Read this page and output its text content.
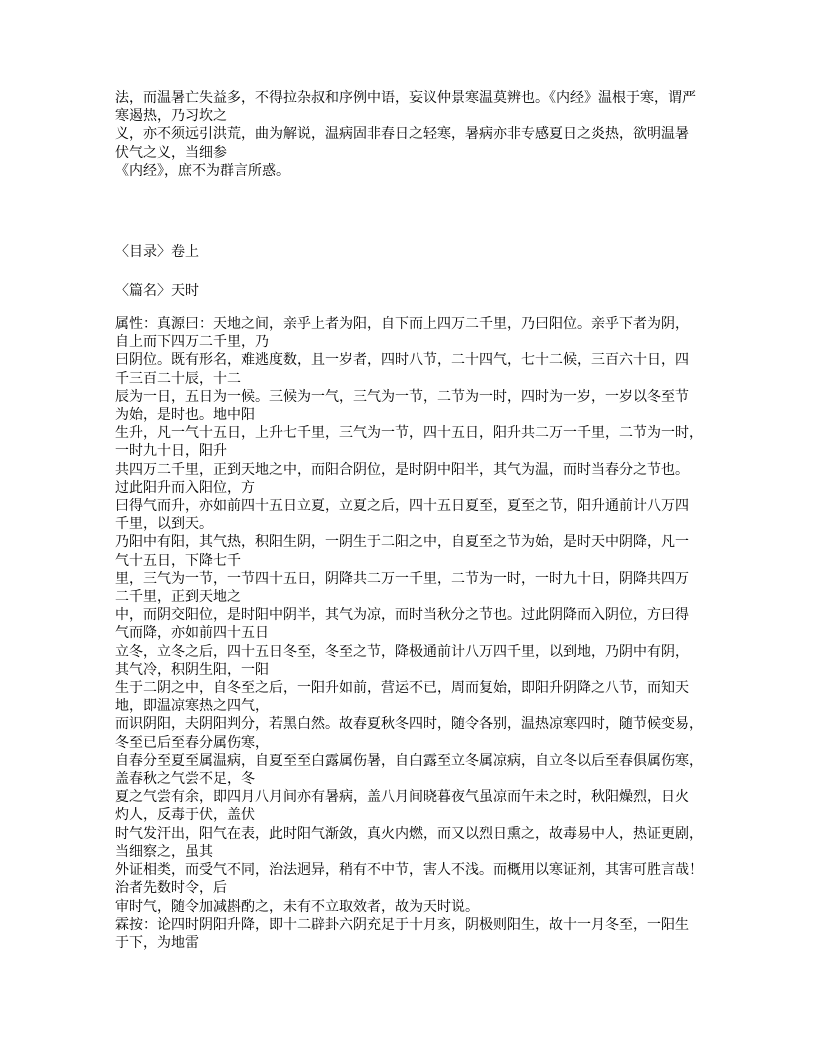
法，而温暑亡失益多，不得拉杂叔和序例中语，妄议仲景寒温莫辨也。《内经》温根于寒，谓严
寒遏热，乃习坎之
义，亦不须远引洪荒，曲为解说，温病固非春日之轻寒，暑病亦非专感夏日之炎热，欲明温暑
伏气之义，当细参
《内经》，庶不为群言所惑。
〈目录〉卷上
〈篇名〉天时
属性：真源曰：天地之间，亲乎上者为阳，自下而上四万二千里，乃曰阳位。亲乎下者为阴，
自上而下四万二千里，乃
曰阴位。既有形名，难逃度数，且一岁者，四时八节，二十四气，七十二候，三百六十日，四
千三百二十辰，十二
辰为一日，五日为一候。三候为一气，三气为一节，二节为一时，四时为一岁，一岁以冬至节
为始，是时也。地中阳
生升，凡一气十五日，上升七千里，三气为一节，四十五日，阳升共二万一千里，二节为一时，
一时九十日，阳升
共四万二千里，正到天地之中，而阳合阴位，是时阴中阳半，其气为温，而时当春分之节也。
过此阳升而入阳位，方
曰得气而升，亦如前四十五日立夏，立夏之后，四十五日夏至，夏至之节，阳升通前计八万四
千里，以到天。
乃阳中有阳，其气热，积阳生阴，一阴生于二阳之中，自夏至之节为始，是时天中阴降，凡一
气十五日，下降七千
里，三气为一节，一节四十五日，阴降共二万一千里，二节为一时，一时九十日，阴降共四万
二千里，正到天地之
中，而阴交阳位，是时阳中阴半，其气为凉，而时当秋分之节也。过此阴降而入阴位，方曰得
气而降，亦如前四十五日
立冬，立冬之后，四十五日冬至，冬至之节，降极通前计八万四千里，以到地，乃阴中有阴，
其气冷，积阴生阳，一阳
生于二阴之中，自冬至之后，一阳升如前，营运不已，周而复始，即阳升阴降之八节，而知天
地，即温凉寒热之四气，
而识阴阳，夫阴阳判分，若黑白然。故春夏秋冬四时，随令各别，温热凉寒四时，随节候变易，
冬至已后至春分属伤寒，
自春分至夏至属温病，自夏至至白露属伤暑，自白露至立冬属凉病，自立冬以后至春俱属伤寒，
盖春秋之气尝不足，冬
夏之气尝有余，即四月八月间亦有暑病，盖八月间晓暮夜气虽凉而午未之时，秋阳燥烈，日火
灼人，反毒于伏，盖伏
时气发汗出，阳气在表，此时阳气渐敛，真火内燃，而又以烈日熏之，故毒易中人，热证更剧，
当细察之，虽其
外证相类，而受气不同，治法迥异，稍有不中节，害人不浅。而概用以寒证剂，其害可胜言哉！
治者先数时令，后
审时气，随令加减斟酌之，未有不立取效者，故为天时说。
霖按：论四时阴阳升降，即十二辟卦六阴充足于十月亥，阴极则阳生，故十一月冬至，一阳生
于下，为地雷
